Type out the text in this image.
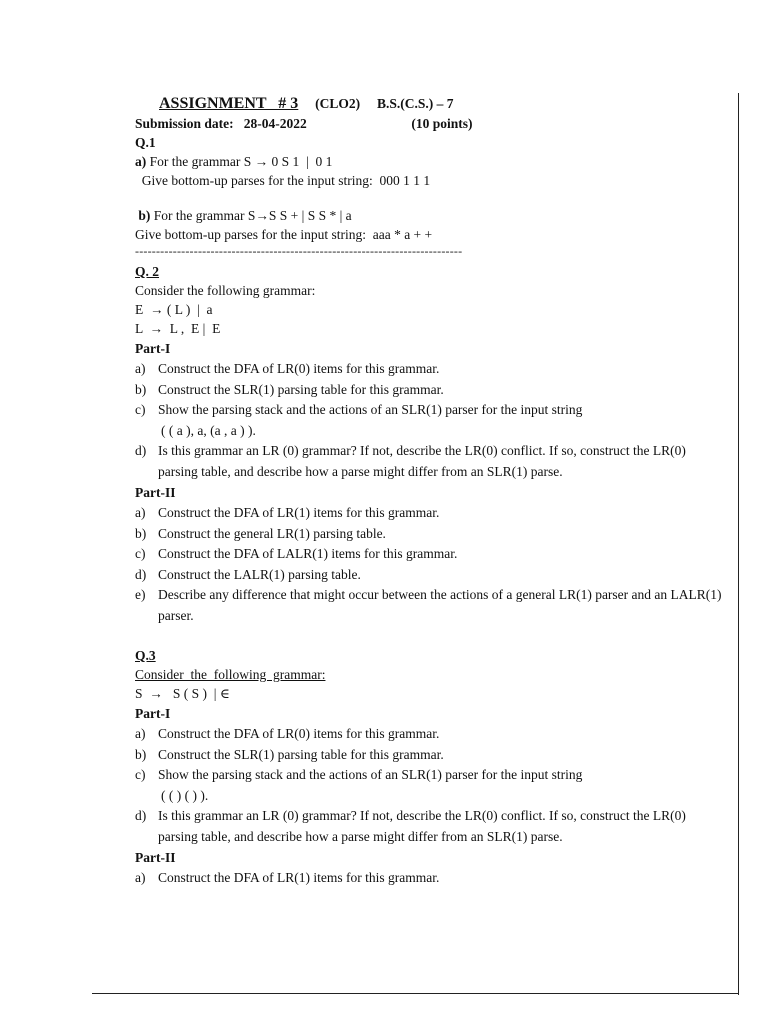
ASSIGNMENT   # 3 (CLO2) B.S.(C.S.) – 7
Submission date:   28-04-2022	(10 points)
Q.1
a) For the grammar S → 0 S 1  |  0 1
Give bottom-up parses for the input string:  000 1 1 1
b) For the grammar S→S S + | S S * | a
Give bottom-up parses for the input string:  aaa * a + +
------------------------------------------------------------------------------
Q. 2
Consider the following grammar:
E  → ( L )  |  a
L  →  L ,  E |  E
Part-I
a) Construct the DFA of LR(0) items for this grammar.
b) Construct the SLR(1) parsing table for this grammar.
c) Show the parsing stack and the actions of an SLR(1) parser for the input string
( ( a ), a, (a , a ) ).
d) Is this grammar an LR (0) grammar? If not, describe the LR(0) conflict. If so, construct the LR(0) parsing table, and describe how a parse might differ from an SLR(1) parse.
Part-II
a) Construct the DFA of LR(1) items for this grammar.
b) Construct the general LR(1) parsing table.
c) Construct the DFA of LALR(1) items for this grammar.
d) Construct the LALR(1) parsing table.
e) Describe any difference that might occur between the actions of a general LR(1) parser and an LALR(1) parser.
Q.3
Consider  the  following  grammar:
S  →   S ( S )  | ∈
Part-I
a) Construct the DFA of LR(0) items for this grammar.
b) Construct the SLR(1) parsing table for this grammar.
c) Show the parsing stack and the actions of an SLR(1) parser for the input string
( ( ) ( ) ).
d) Is this grammar an LR (0) grammar? If not, describe the LR(0) conflict. If so, construct the LR(0) parsing table, and describe how a parse might differ from an SLR(1) parse.
Part-II
a) Construct the DFA of LR(1) items for this grammar.
